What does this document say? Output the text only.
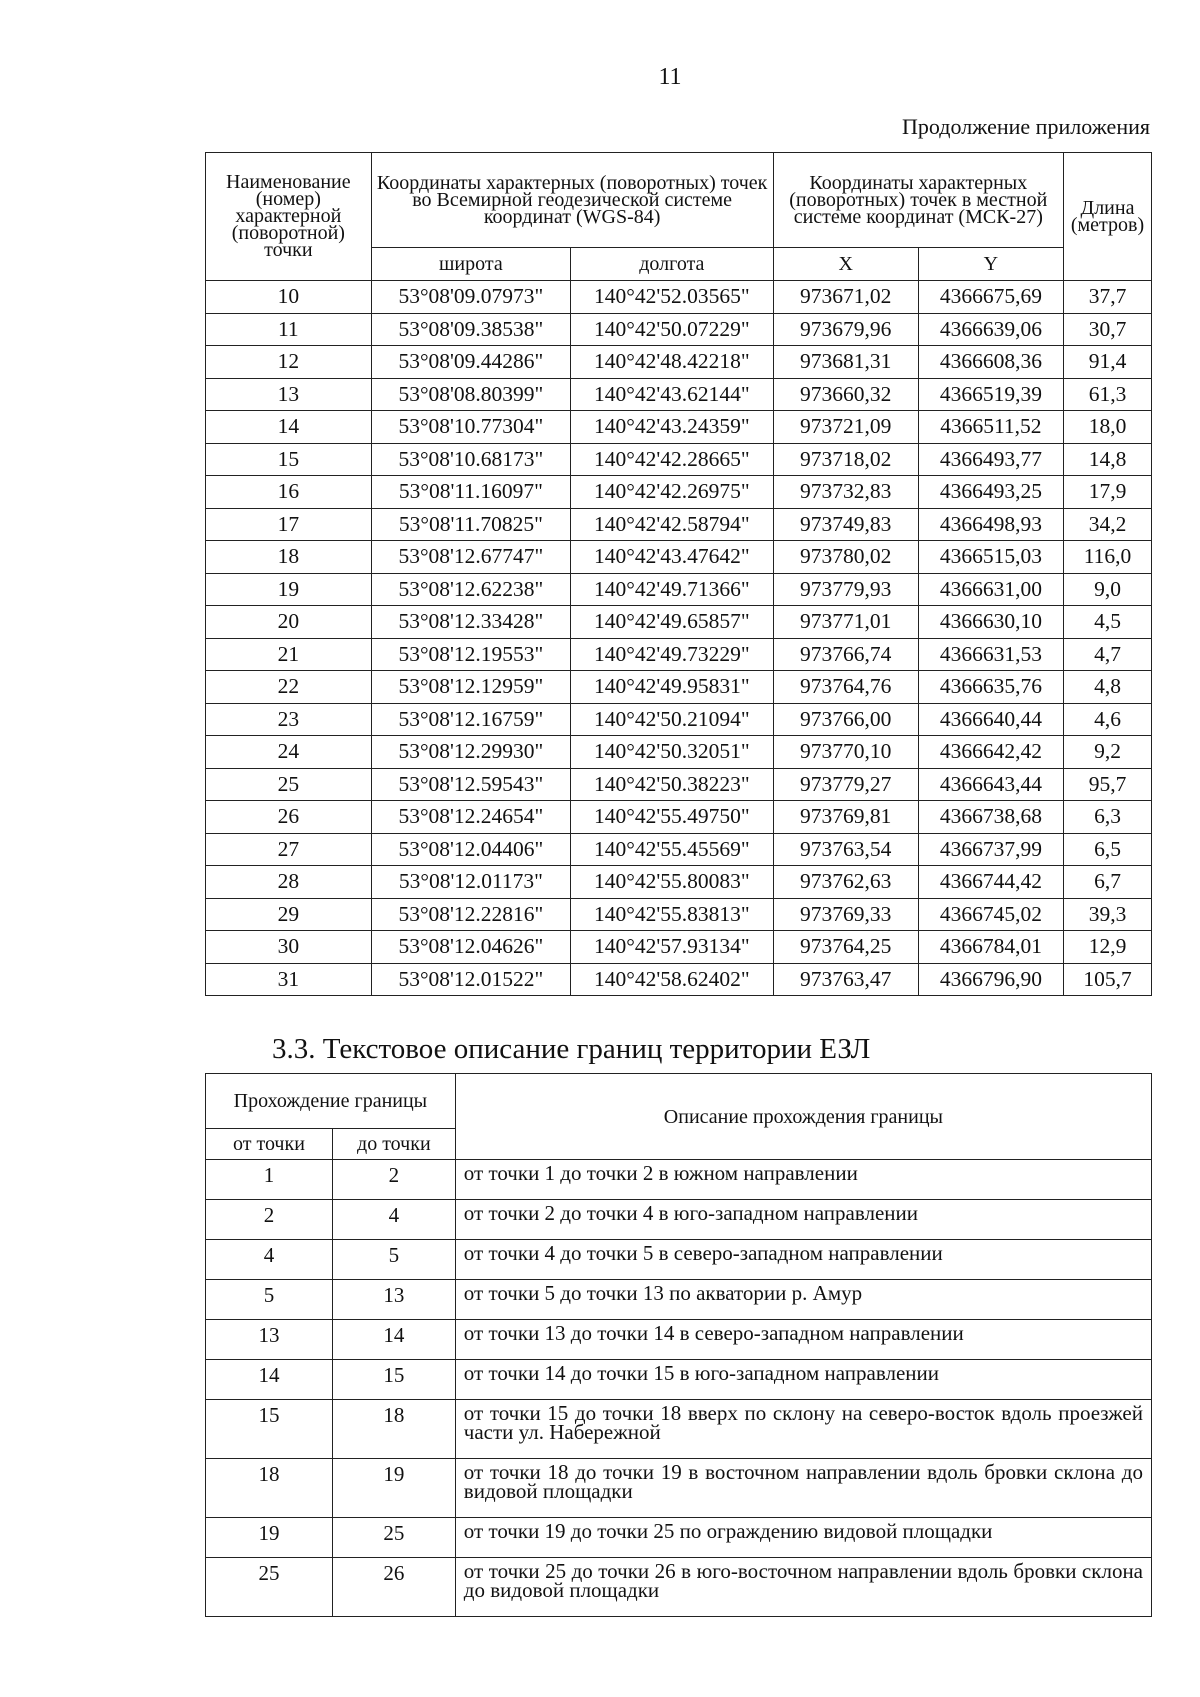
11
Продолжение приложения
Наименование (номер) характерной (поворотной) точки	Координаты характерных (поворотных) точек во Всемирной геодезической системе координат (WGS-84)		Координаты характерных (поворотных) точек в местной системе координат (МСК-27)		Длина (метров)
	широта	долгота	X	Y	
10	53°08'09.07973"	140°42'52.03565"	973671,02	4366675,69	37,7
11	53°08'09.38538"	140°42'50.07229"	973679,96	4366639,06	30,7
12	53°08'09.44286"	140°42'48.42218"	973681,31	4366608,36	91,4
13	53°08'08.80399"	140°42'43.62144"	973660,32	4366519,39	61,3
14	53°08'10.77304"	140°42'43.24359"	973721,09	4366511,52	18,0
15	53°08'10.68173"	140°42'42.28665"	973718,02	4366493,77	14,8
16	53°08'11.16097"	140°42'42.26975"	973732,83	4366493,25	17,9
17	53°08'11.70825"	140°42'42.58794"	973749,83	4366498,93	34,2
18	53°08'12.67747"	140°42'43.47642"	973780,02	4366515,03	116,0
19	53°08'12.62238"	140°42'49.71366"	973779,93	4366631,00	9,0
20	53°08'12.33428"	140°42'49.65857"	973771,01	4366630,10	4,5
21	53°08'12.19553"	140°42'49.73229"	973766,74	4366631,53	4,7
22	53°08'12.12959"	140°42'49.95831"	973764,76	4366635,76	4,8
23	53°08'12.16759"	140°42'50.21094"	973766,00	4366640,44	4,6
24	53°08'12.29930"	140°42'50.32051"	973770,10	4366642,42	9,2
25	53°08'12.59543"	140°42'50.38223"	973779,27	4366643,44	95,7
26	53°08'12.24654"	140°42'55.49750"	973769,81	4366738,68	6,3
27	53°08'12.04406"	140°42'55.45569"	973763,54	4366737,99	6,5
28	53°08'12.01173"	140°42'55.80083"	973762,63	4366744,42	6,7
29	53°08'12.22816"	140°42'55.83813"	973769,33	4366745,02	39,3
30	53°08'12.04626"	140°42'57.93134"	973764,25	4366784,01	12,9
31	53°08'12.01522"	140°42'58.62402"	973763,47	4366796,90	105,7
3.3. Текстовое описание границ территории ЕЗЛ
Прохождение границы		Описание прохождения границы
от точки	до точки	
1	2	от точки 1 до точки 2 в южном направлении
2	4	от точки 2 до точки 4 в юго-западном направлении
4	5	от точки 4 до точки 5 в северо-западном направлении
5	13	от точки 5 до точки 13 по акватории р. Амур
13	14	от точки 13 до точки 14 в северо-западном направлении
14	15	от точки 14 до точки 15 в юго-западном направлении
15	18	от точки 15 до точки 18 вверх по склону на северо-восток вдоль проезжей части ул. Набережной
18	19	от точки 18 до точки 19 в восточном направлении вдоль бровки склона до видовой площадки
19	25	от точки 19 до точки 25 по ограждению видовой площадки
25	26	от точки 25 до точки 26 в юго-восточном направлении вдоль бровки склона до видовой площадки
